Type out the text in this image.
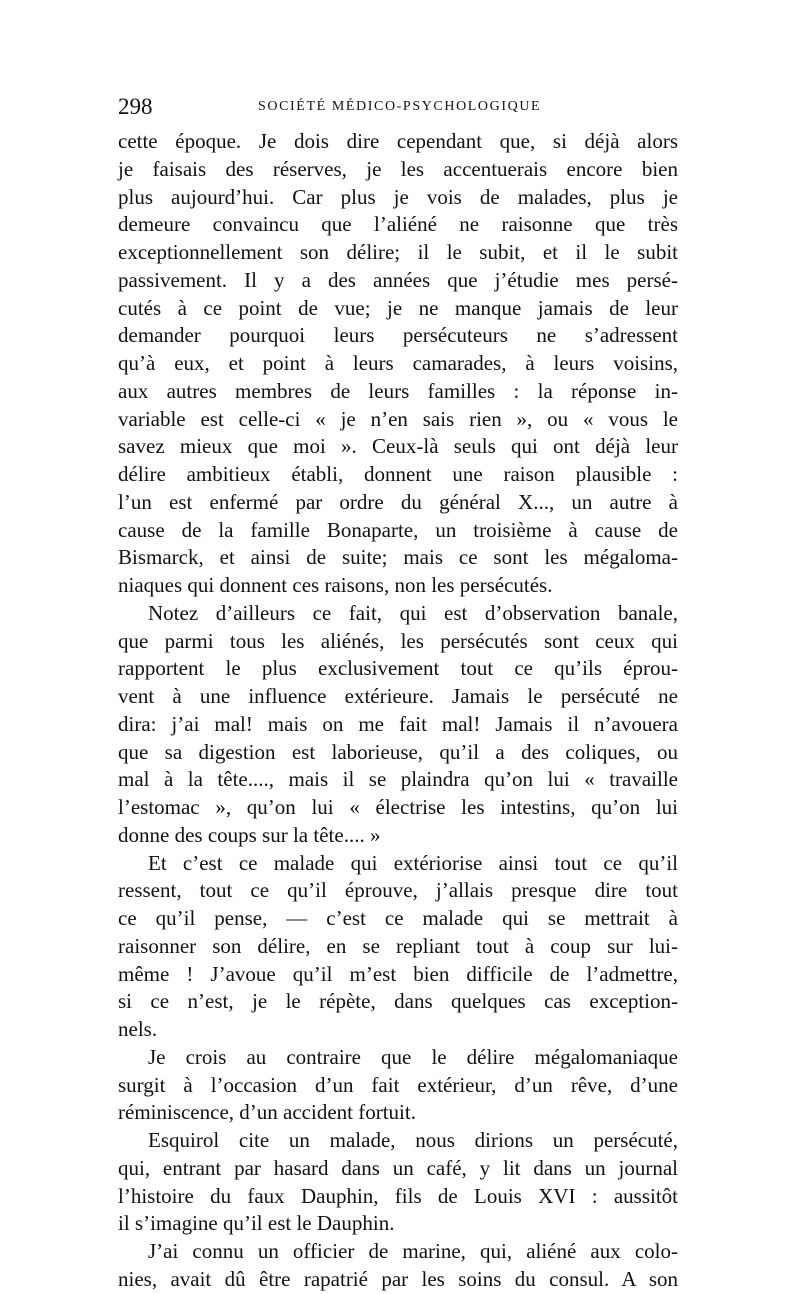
298	SOCIÉTÉ MÉDICO-PSYCHOLOGIQUE
cette époque. Je dois dire cependant que, si déjà alors
je faisais des réserves, je les accentuerais encore bien
plus aujourd’hui. Car plus je vois de malades, plus je
demeure convaincu que l’aliéné ne raisonne que très
exceptionnellement son délire; il le subit, et il le subit
passivement. Il y a des années que j’étudie mes persé-
cutés à ce point de vue; je ne manque jamais de leur
demander pourquoi leurs persécuteurs ne s’adressent
qu’à eux, et point à leurs camarades, à leurs voisins,
aux autres membres de leurs familles : la réponse in-
variable est celle-ci « je n’en sais rien », ou « vous le
savez mieux que moi ». Ceux-là seuls qui ont déjà leur
délire ambitieux établi, donnent une raison plausible :
l’un est enfermé par ordre du général X..., un autre à
cause de la famille Bonaparte, un troisième à cause de
Bismarck, et ainsi de suite; mais ce sont les mégaloma-
niaques qui donnent ces raisons, non les persécutés.
Notez d’ailleurs ce fait, qui est d’observation banale,
que parmi tous les aliénés, les persécutés sont ceux qui
rapportent le plus exclusivement tout ce qu’ils éprou-
vent à une influence extérieure. Jamais le persécuté ne
dira: j’ai mal! mais on me fait mal! Jamais il n’avouera
que sa digestion est laborieuse, qu’il a des coliques, ou
mal à la tête...., mais il se plaindra qu’on lui « travaille
l’estomac », qu’on lui « électrise les intestins, qu’on lui
donne des coups sur la tête.... »
Et c’est ce malade qui extériorise ainsi tout ce qu’il
ressent, tout ce qu’il éprouve, j’allais presque dire tout
ce qu’il pense, — c’est ce malade qui se mettrait à
raisonner son délire, en se repliant tout à coup sur lui-
même ! J’avoue qu’il m’est bien difficile de l’admettre,
si ce n’est, je le répète, dans quelques cas exception-
nels.
Je crois au contraire que le délire mégalomaniaque
surgit à l’occasion d’un fait extérieur, d’un rêve, d’une
réminiscence, d’un accident fortuit.
Esquirol cite un malade, nous dirions un persécuté,
qui, entrant par hasard dans un café, y lit dans un journal
l’histoire du faux Dauphin, fils de Louis XVI : aussitôt
il s’imagine qu’il est le Dauphin.
J’ai connu un officier de marine, qui, aliéné aux colo-
nies, avait dû être rapatrié par les soins du consul. A son
